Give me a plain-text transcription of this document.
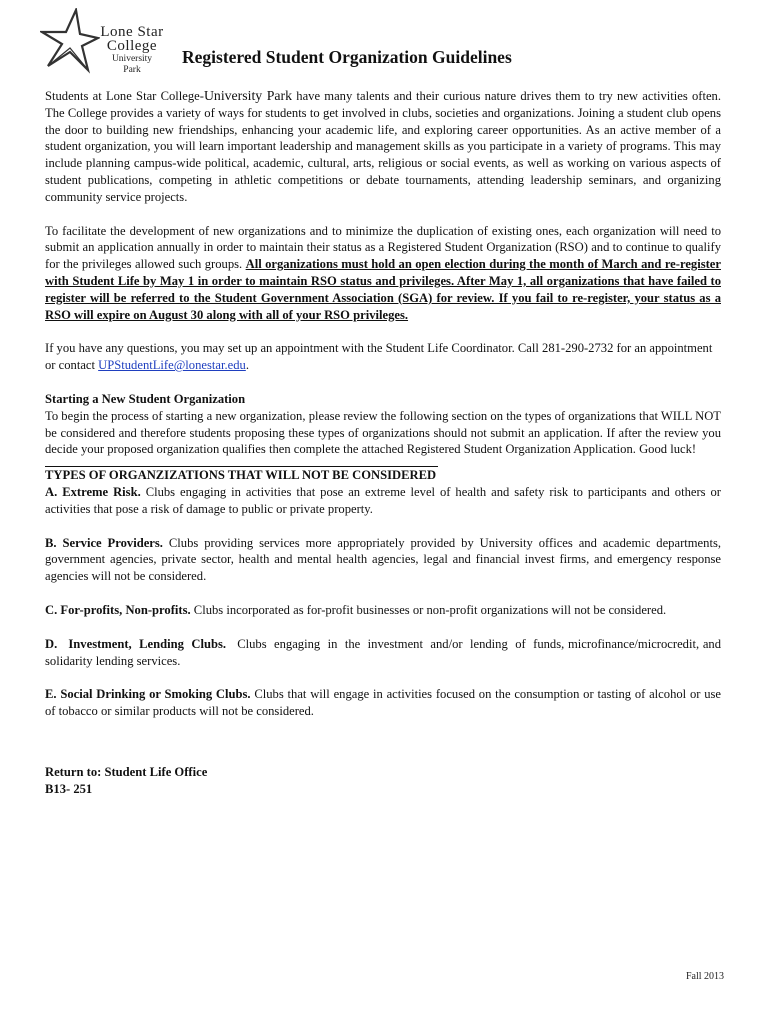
Lone Star
College
University
Park
Registered Student Organization Guidelines

Students at Lone Star College-University Park have many talents and their curious nature drives them to try new activities often. The College provides a variety of ways for students to get involved in clubs, societies and organizations. Joining a student club opens the door to building new friendships, enhancing your academic life, and exploring career opportunities. As an active member of a student organization, you will learn important leadership and management skills as you participate in a variety of programs. This may include planning campus-wide political, academic, cultural, arts, religious or social events, as well as working on various aspects of student publications, competing in athletic competitions or debate tournaments, attending leadership seminars, and organizing community service projects.

To facilitate the development of new organizations and to minimize the duplication of existing ones, each organization will need to submit an application annually in order to maintain their status as a Registered Student Organization (RSO) and to continue to qualify for the privileges allowed such groups. All organizations must hold an open election during the month of March and re-register with Student Life by May 1 in order to maintain RSO status and privileges. After May 1, all organizations that have failed to register will be referred to the Student Government Association (SGA) for review. If you fail to re-register, your status as a RSO will expire on August 30 along with all of your RSO privileges.

If you have any questions, you may set up an appointment with the Student Life Coordinator. Call 281-290-2732 for an appointment or contact UPStudentLife@lonestar.edu.

Starting a New Student Organization

To begin the process of starting a new organization, please review the following section on the types of organizations that WILL NOT be considered and therefore students proposing these types of organizations should not submit an application. If after the review you decide your proposed organization qualifies then complete the attached Registered Student Organization Application. Good luck!

TYPES OF ORGANZIZATIONS THAT WILL NOT BE CONSIDERED

A. Extreme Risk. Clubs engaging in activities that pose an extreme level of health and safety risk to participants and others or activities that pose a risk of damage to public or private property.

B. Service Providers. Clubs providing services more appropriately provided by University offices and academic departments, government agencies, private sector, health and mental health agencies, legal and financial invest firms, and emergency response agencies will not be considered.

C. For-profits, Non-profits. Clubs incorporated as for-profit businesses or non-profit organizations will not be considered.

D.   Investment,  Lending  Clubs.   Clubs  engaging  in  the  investment  and/or  lending  of  funds, microfinance/microcredit, and solidarity lending services.

E. Social Drinking or Smoking Clubs. Clubs that will engage in activities focused on the consumption or tasting of alcohol or use of tobacco or similar products will not be considered.

Return to: Student Life Office
B13- 251
Fall 2013
